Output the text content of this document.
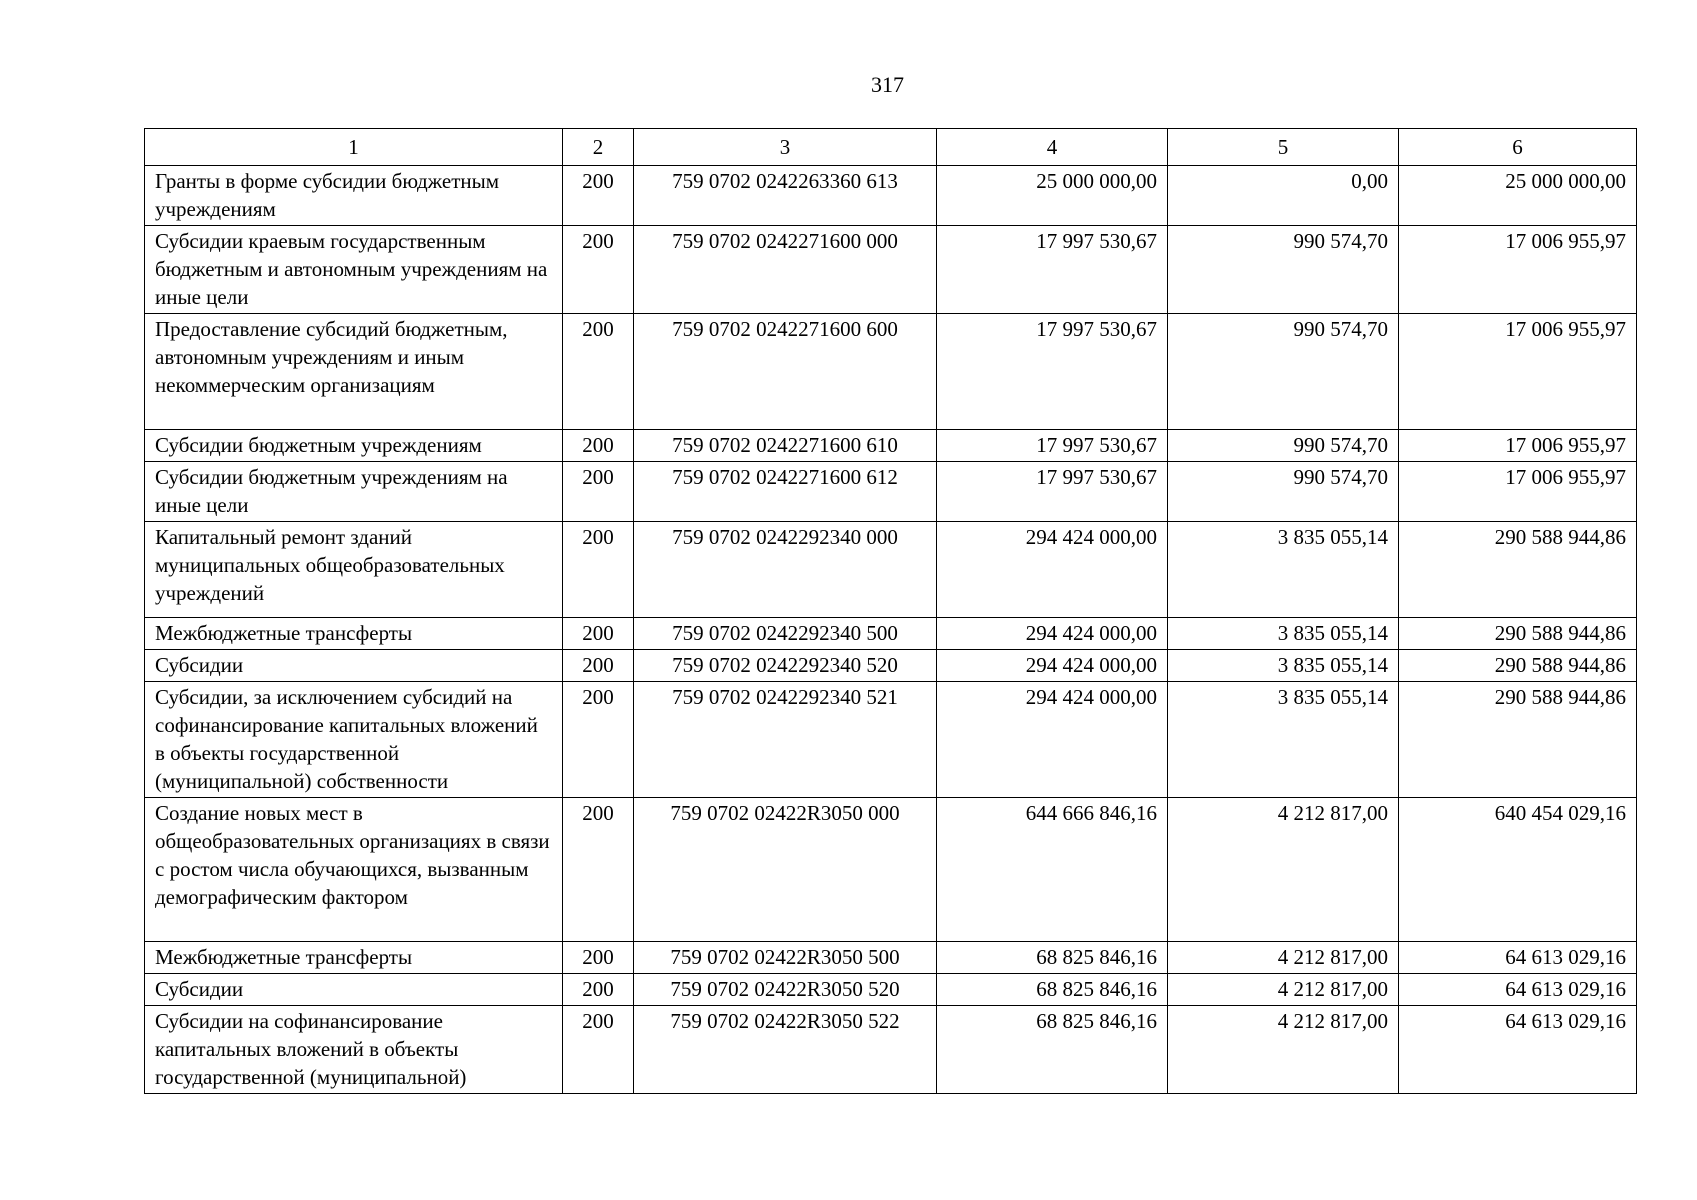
317
1	2	3	4	5	6
Гранты в форме субсидии бюджетным учреждениям	200	759 0702 0242263360 613	25 000 000,00	0,00	25 000 000,00
Субсидии краевым государственным бюджетным и автономным учреждениям на иные цели	200	759 0702 0242271600 000	17 997 530,67	990 574,70	17 006 955,97
Предоставление субсидий бюджетным, автономным учреждениям и иным некоммерческим организациям	200	759 0702 0242271600 600	17 997 530,67	990 574,70	17 006 955,97
Субсидии бюджетным учреждениям	200	759 0702 0242271600 610	17 997 530,67	990 574,70	17 006 955,97
Субсидии бюджетным учреждениям на иные цели	200	759 0702 0242271600 612	17 997 530,67	990 574,70	17 006 955,97
Капитальный ремонт зданий муниципальных общеобразовательных учреждений	200	759 0702 0242292340 000	294 424 000,00	3 835 055,14	290 588 944,86
Межбюджетные трансферты	200	759 0702 0242292340 500	294 424 000,00	3 835 055,14	290 588 944,86
Субсидии	200	759 0702 0242292340 520	294 424 000,00	3 835 055,14	290 588 944,86
Субсидии, за исключением субсидий на софинансирование капитальных вложений в объекты государственной (муниципальной) собственности	200	759 0702 0242292340 521	294 424 000,00	3 835 055,14	290 588 944,86
Создание новых мест в общеобразовательных организациях в связи с ростом числа обучающихся, вызванным демографическим фактором	200	759 0702 02422R3050 000	644 666 846,16	4 212 817,00	640 454 029,16
Межбюджетные трансферты	200	759 0702 02422R3050 500	68 825 846,16	4 212 817,00	64 613 029,16
Субсидии	200	759 0702 02422R3050 520	68 825 846,16	4 212 817,00	64 613 029,16
Субсидии на софинансирование капитальных вложений в объекты государственной (муниципальной)	200	759 0702 02422R3050 522	68 825 846,16	4 212 817,00	64 613 029,16
